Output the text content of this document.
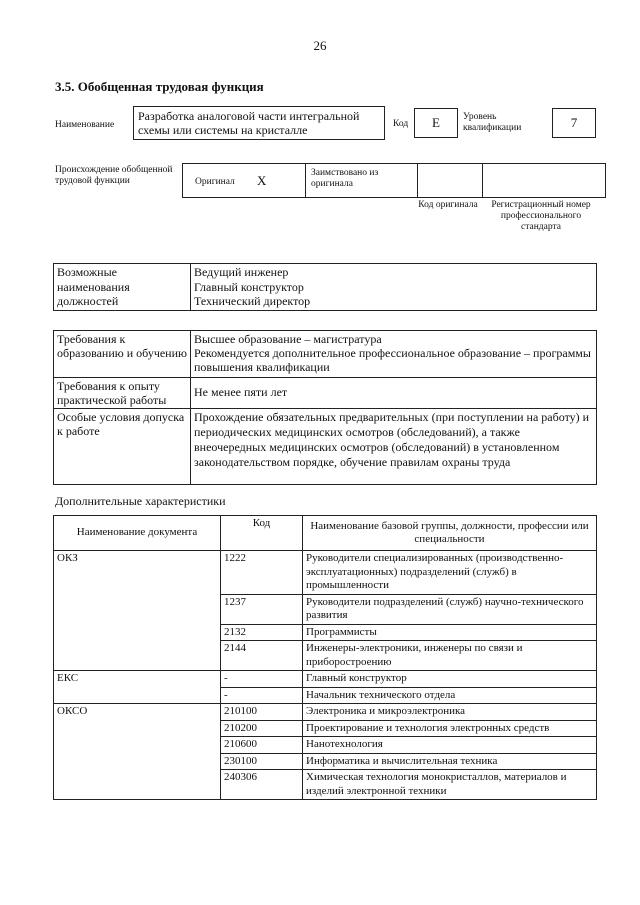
26
3.5. Обобщенная трудовая функция
Наименование
Разработка аналоговой части интегральной схемы или системы на кристалле	Код	E	Уровень квалификации	7
Происхождение обобщенной трудовой функции	Оригинал X	Заимствовано из оригинала
Код оригинала	Регистрационный номер профессионального стандарта
Возможные наименования должностей	
Ведущий инженер
Главный конструктор
Технический директор
Требования к образованию и обучению	Высшее образование – магистратура
Рекомендуется дополнительное профессиональное образование – программы повышения квалификации

Требования к опыту практической работы	Не менее пяти лет
Особые условия допуска к работе	Прохождение обязательных предварительных (при поступлении на работу) и периодических медицинских осмотров (обследований), а также внеочередных медицинских осмотров (обследований) в установленном законодательством порядке, обучение правилам охраны труда
Дополнительные характеристики
Наименование документа	Код	Наименование базовой группы, должности, профессии или специальности
ОКЗ	1222	Руководители специализированных (производственно-эксплуатационных) подразделений (служб) в промышленности
	1237	Руководители подразделений (служб) научно-технического развития
	2132	Программисты
	2144	Инженеры-электроники, инженеры по связи и приборостроению
ЕКС	-	Главный конструктор
	-	Начальник технического отдела
ОКСО	210100	Электроника и микроэлектроника
	210200	Проектирование и технология электронных средств
	210600	Нанотехнология
	230100	Информатика и вычислительная техника
	240306	Химическая технология монокристаллов, материалов и изделий электронной техники
